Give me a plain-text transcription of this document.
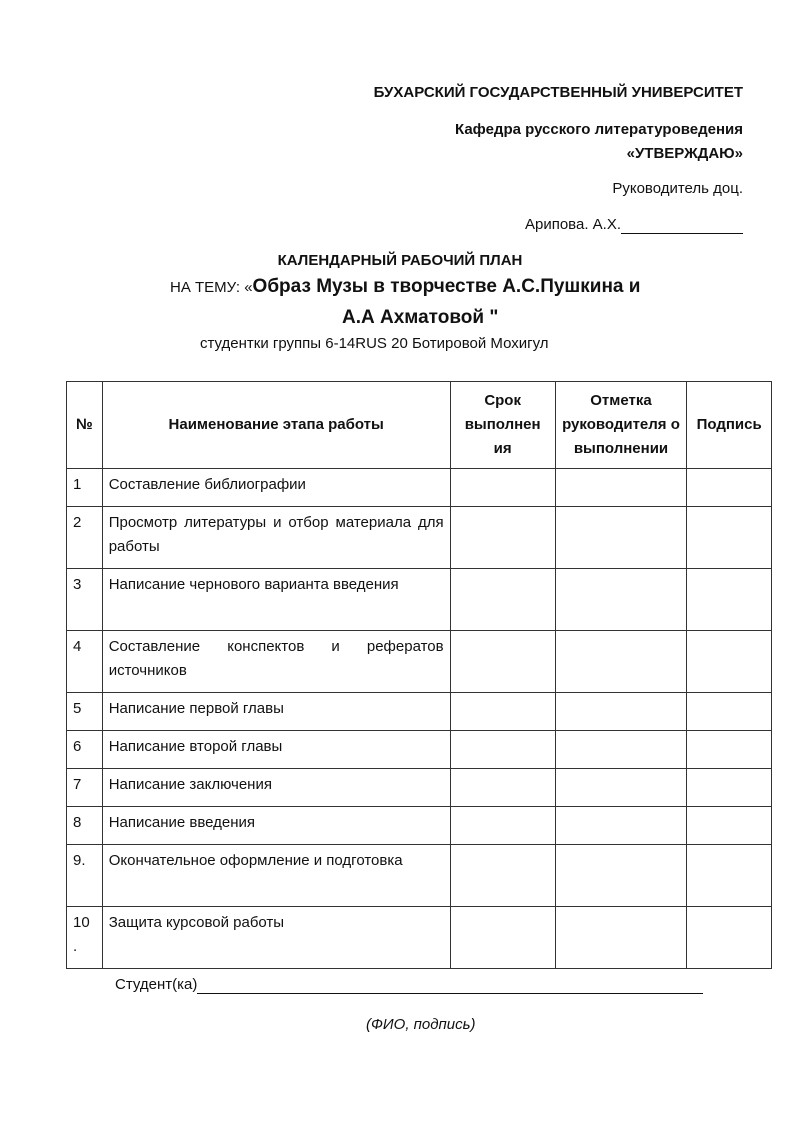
БУХАРСКИЙ ГОСУДАРСТВЕННЫЙ УНИВЕРСИТЕТ
Кафедра русского литературоведения
«УТВЕРЖДАЮ»
Руководитель доц.
Арипова. А.Х.
КАЛЕНДАРНЫЙ РАБОЧИЙ ПЛАН
НА ТЕМУ: «Образ Музы в творчестве А.С.Пушкина и
А.А Ахматовой "
студентки группы 6-14RUS 20 Ботировой Мохигул
№	Наименование этапа работы	Срок выполнен ия	Отметка руководителя о выполнении	Подпись
1	Составление библиографии			
2	Просмотр литературы и отбор материала для работы			
3	Написание чернового варианта введения			
4	Составление конспектов и рефератов источников			
5	Написание первой главы			
6	Написание второй главы			
7	Написание заключения			
8	Написание введения			
9.	Окончательное оформление и подготовка			
10 .	Защита курсовой работы			
Студент(ка)
(ФИО, подпись)
